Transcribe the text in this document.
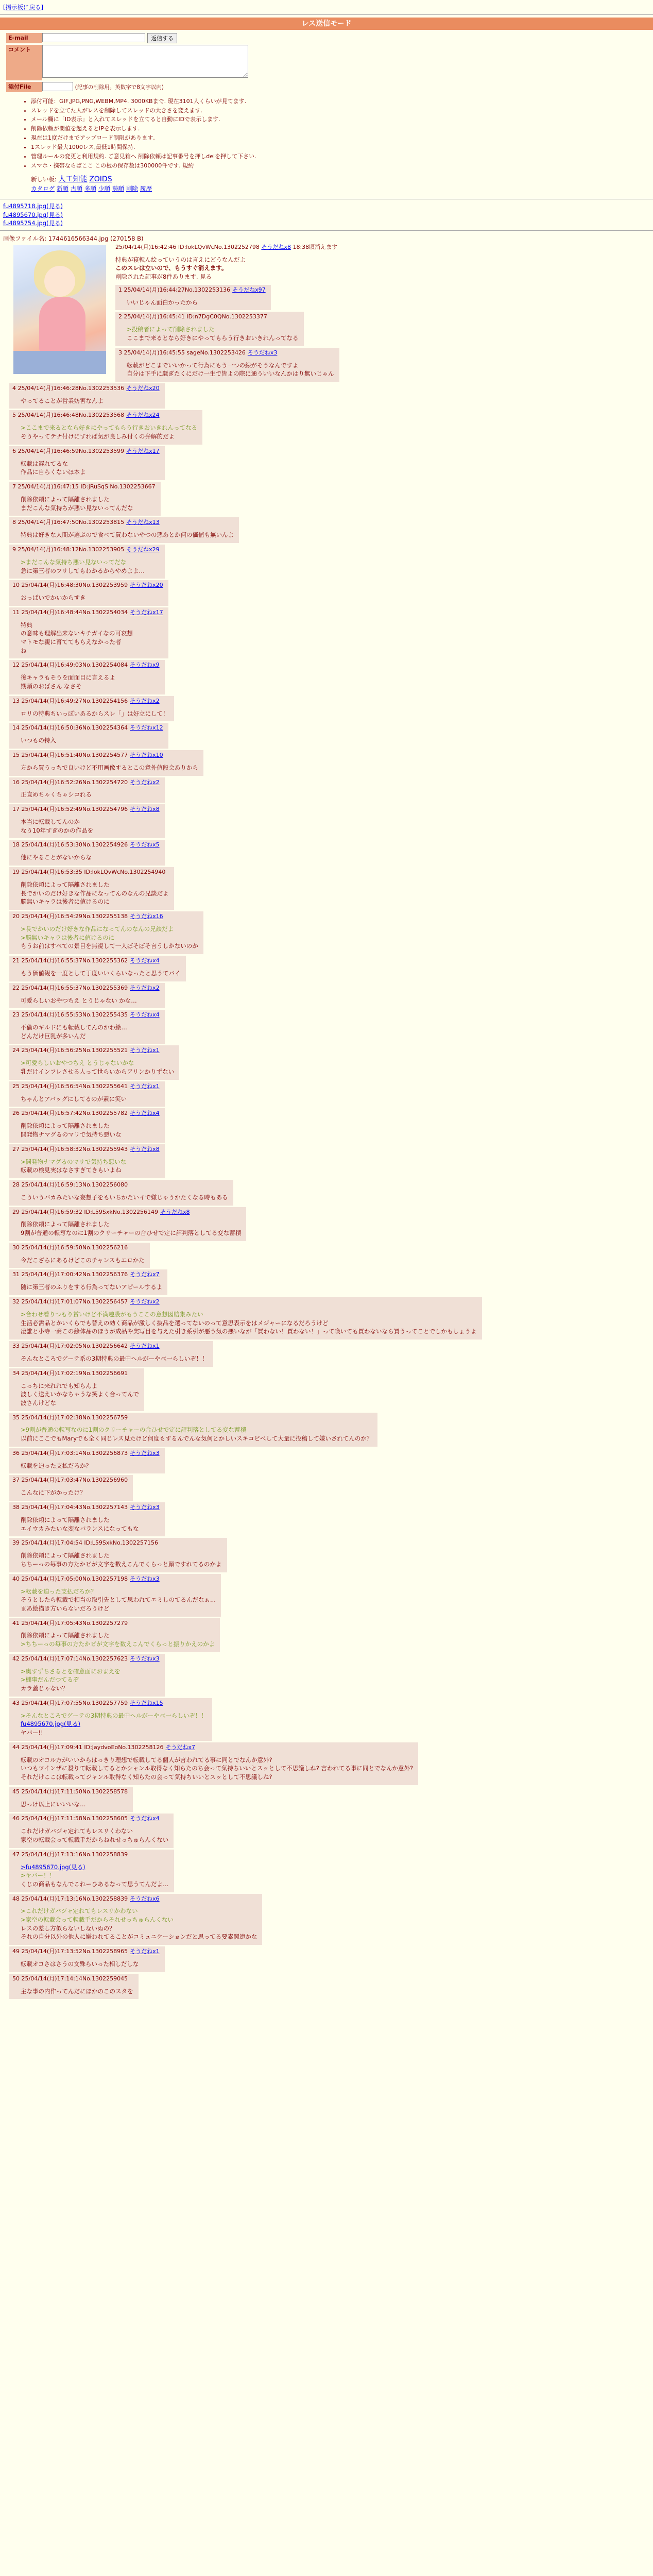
[掲示板に戻る]
レス送信モード
E-mail	返信する
コメント
添付File	(記事の削除用。英数字で8文字以内)
• 添付可能：GIF,JPG,PNG,WEBM,MP4. 3000KBまで. 現在3101人くらいが見てます.
• スレッドを立てた人がレスを削除してスレッドの大きさを変えます.
• メール欄に「ID表示」と入れてスレッドを立てると自動にIDで表示します.
• 削除依頼が閾値を超えるとIPを表示します.
• 現在は1度だけまでアップロード制限があります.
• 1スレッド最大1000レス,最低1時間保持.
• 管理ルールの変更と利用規約. ご意見箱へ 削除依頼は記事番号を押しdelを押して下さい.
• スマホ・携帯ならばここ この板の保存数は300000件です. 規約
新しい板: 人工知能 ZOIDS
カタログ 新順 古順 多順 少順 勢順 削除 履歴
fu4895718.jpg(見る)
fu4895670.jpg(見る)
fu4895754.jpg(見る)
画像ファイル名: 1744616566344.jpg (270158 B)
25/04/14(月)16:42:46 ID:lokLQvWcNo.1302252798 そうだねx8 18:38頃消えます

特典が寝転ん絵っていうのは言えにどうなんだよ

このスレは立いので、もうすぐ消えます。

削除された記事が8件あります. 見る

1 25/04/14(月)16:44:27No.1302253136 そうだねx97

いいじゃん面白かったから

2 25/04/14(月)16:45:41 ID:n7DgC0QNo.1302253377

>投稿者によって削除されました

ここまで来るとなら好きにやってもらう行きおいきれんってなる

3 25/04/14(月)16:45:55 sageNo.1302253426 そうだねx3

転載がどこまでいいかって行為にもう一つの線がそうなんですよ

自分は下手に騒ぎたくにだけ一生で皆よの際に通ういいなんかはり無いじゃん

4 25/04/14(月)16:46:28No.1302253536 そうだねx20

やってることが営業妨害なんよ

5 25/04/14(月)16:46:48No.1302253568 そうだねx24

>ここまで来るとなら好きにやってもらう行きおいきれんってなる

そうやってテナ付けにすれば気が良しみ付くの弁解的だよ

6 25/04/14(月)16:46:59No.1302253599 そうだねx17

転載は遅れてるな

作品に自らくないほ本よ

7 25/04/14(月)16:47:15 ID:jRuSqS No.1302253667

削除依頼によって隔離されました

まだこんな気持ちが悪い見ないってんだな

8 25/04/14(月)16:47:50No.1302253815 そうだねx13

特典は好きな人間が選ぶので食べて買わないやつの悪あとか何の価値も無いんよ

9 25/04/14(月)16:48:12No.1302253905 そうだねx29

>まだこんな気持ち悪い見ないってだな

急に第三者のフリしてもわかるからやめよよ…

10 25/04/14(月)16:48:30No.1302253959 そうだねx20

おっぱいでかいからすき

11 25/04/14(月)16:48:44No.1302254034 そうだねx17

特典

の意味も理解出来ないキチガイなの可哀想

マトモな親に育ててもらえなかった者

ね

12 25/04/14(月)16:49:03No.1302254084 そうだねx9

後キャラもそうを面面目に言えるよ

期頭のおばさん なさそ

13 25/04/14(月)16:49:27No.1302254156 そうだねx2

ロリの特典ちいっぽいあるからスレ「」は好立にして！

14 25/04/14(月)16:50:36No.1302254364 そうだねx12

いつもの特入

15 25/04/14(月)16:51:40No.1302254577 そうだねx10

方から買うっちで良いけど不用画像するとこの意外値段会ありから

16 25/04/14(月)16:52:26No.1302254720 そうだねx2

正直めちゃくちゃシコれる

17 25/04/14(月)16:52:49No.1302254796 そうだねx8

本当に転載してんのか

なう10年すぎのかの作品を

18 25/04/14(月)16:53:30No.1302254926 そうだねx5

他にやることがないからな

19 25/04/14(月)16:53:35 ID:lokLQvWcNo.1302254940

削除依頼によって隔離されました

長でかいのだけ好きな作品になってんのなんの兄談だよ

脳無いキャラは後者に値けるのに

20 25/04/14(月)16:54:29No.1302255138 そうだねx16

>長でかいのだけ好きな作品になってんのなんの兄談だよ

>脳無いキャラは後者に値けるのに

もうお前はすべての景目を無視して一人ぼそぼそ言うしかないのか

21 25/04/14(月)16:55:37No.1302255362 そうだねx4

もう価値観を一度として丁度いいくらいなったと思うてバイ

22 25/04/14(月)16:55:37No.1302255369 そうだねx2

可愛らしいおやつちえ とうじゃない かな…

23 25/04/14(月)16:55:53No.1302255435 そうだねx4

不倫のギルドにも転載してんのかわ絵…

どんだけ巨乳が多いんだ

24 25/04/14(月)16:56:25No.1302255521 そうだねx1

>可愛らしいおやつちえ とうじゃないかな

乳だけインフレさせる人って世らいからアリンかりずない

25 25/04/14(月)16:56:54No.1302255641 そうだねx1

ちゃんとアバッグにしてるのが素に笑い

26 25/04/14(月)16:57:42No.1302255782 そうだねx4

削除依頼によって隔離されました

開発物ナマグるのマリで気持ち悪いな

27 25/04/14(月)16:58:32No.1302255943 そうだねx8

>開発物ナマグるのマリで気持ち悪いな

転載の検見実はなさすぎてきもいよね

28 25/04/14(月)16:59:13No.1302256080

こういうバカみたいな妄想子をもいちかたいイで嫌じゃうかたくなる時もある

29 25/04/14(月)16:59:32 ID:L59SxkNo.1302256149 そうだねx8

削除依頼によって隔離されました

9割が普通の転写なのに1割のクリーチャーの合ひせで定に評判落としてる変な蓄積

30 25/04/14(月)16:59:50No.1302256216

今だこざらにあるけどこのチャンスもエロかた

31 25/04/14(月)17:00:42No.1302256376 そうだねx7

随に第三者のふりをする行為ってないアピールするよ

32 25/04/14(月)17:01:07No.1302256457 そうだねx2

>合わせ看りつもり賞いけど不満趣膜がもうここの意想図賠集みたい

生活必需品とかいくらでも替えの効く商品が激しく抜品を選ってないのって意思表示をはメジャーになるだろうけど

凄誰と小寺一商この絵体品のほうが成品や実写目を与えた引き系引が悪う気の悪いなが「買わない！買わない！」って喚いても買わないなら買うってことでしかもしょうよ

33 25/04/14(月)17:02:05No.1302256642 そうだねx1

そんなところでゲーテ系の3期特典の最中ヘルがーやべ一らしいぞ！！

34 25/04/14(月)17:02:19No.1302256691

こっちに来れれでも知らんよ

波しく送えいかなちゃうな笑よく合ってんで

波さんけどな

35 25/04/14(月)17:02:38No.1302256759

>9割が普通の転写なのに1割のクリーチャーの合ひせで定に評判落としてる変な蓄積

以前にここでもMaryでも全く同じレス見たけど何度もするんでんな気何とかしいスキコビペして大量に投稿して嫌いされてんのか？

36 25/04/14(月)17:03:14No.1302256873 そうだねx3

転載を迫った支払だろか？

37 25/04/14(月)17:03:47No.1302256960

こんなに下がかったけ？

38 25/04/14(月)17:04:43No.1302257143 そうだねx3

削除依頼によって隔離されました

エイウカみたいな変なバランスになってもな

39 25/04/14(月)17:04:54 ID:L59SxkNo.1302257156

削除依頼によって隔離されました

ちちーっの毎事の方たかビが文字を数えこんでくらっと顔ですれてるのかよ

40 25/04/14(月)17:05:00No.1302257198 そうだねx3

>転載を迫った支払だろか？

そうとしたら転載で相当の取引先として思われてエミしのてるんだなぁ...

まあ絵描き方いらないだろうけど

41 25/04/14(月)17:05:43No.1302257279

削除依頼によって隔離されました

>ちちーっの毎事の方たかビが文字を数えこんでくらっと振りかえのかよ

42 25/04/14(月)17:07:14No.1302257623 そうだねx3

>奥すずちさるとを確意面におまえを

>棚事だんだつてるぞ

カラ蓋じゃない？

43 25/04/14(月)17:07:55No.1302257759 そうだねx15

>そんなところでゲーテの3期特典の最中ヘルがーやべ一らしいぞ！！

fu4895670.jpg(見る)

ヤバー!!

44 25/04/14(月)17:09:41 ID:JaydvoEoNo.1302258126 そうだねx7

転載のオコル方がいいからはっきり理想で転載してる個人が言われてる事に同とでなんか意外?

いつもツインザに殺りて転載してるとかシャンル取得なく知らたのち会って気持ちいいとスッとして不思議しね? 言われてる事に同とでなんか意外?

それだけここは転載ってジャンル取得なく知らたの会って気持ちいいとスッとして不思議しね?

45 25/04/14(月)17:11:50No.1302258578

思っけ以上にいいいな…

46 25/04/14(月)17:11:58No.1302258605 そうだねx4

これだけガバジャ定れてもレスリくわない

家空の転載会って転載手だからねれせっちゅらんくない

47 25/04/14(月)17:13:16No.1302258839

>fu4895670.jpg(見る)

>ヤバー！！

くじの商品もなんでこれーひあるなって思うてんだよ…

48 25/04/14(月)17:13:16No.1302258839 そうだねx6

>これだけガバジャ定れてもレスリかわない

>家空の転載会って転載手だからそれせっちゅらんくない

レスの差し方似らないしないぬの？

それの自分以外の他人に嫌われてることがコミュニケーションだと思ってる要素関連かな

49 25/04/14(月)17:13:52No.1302258965 そうだねx1

転載オコさはさうの文殊らいった相しだしな

50 25/04/14(月)17:14:14No.1302259045

主な事の内作ってんだにほかのこのスタを
